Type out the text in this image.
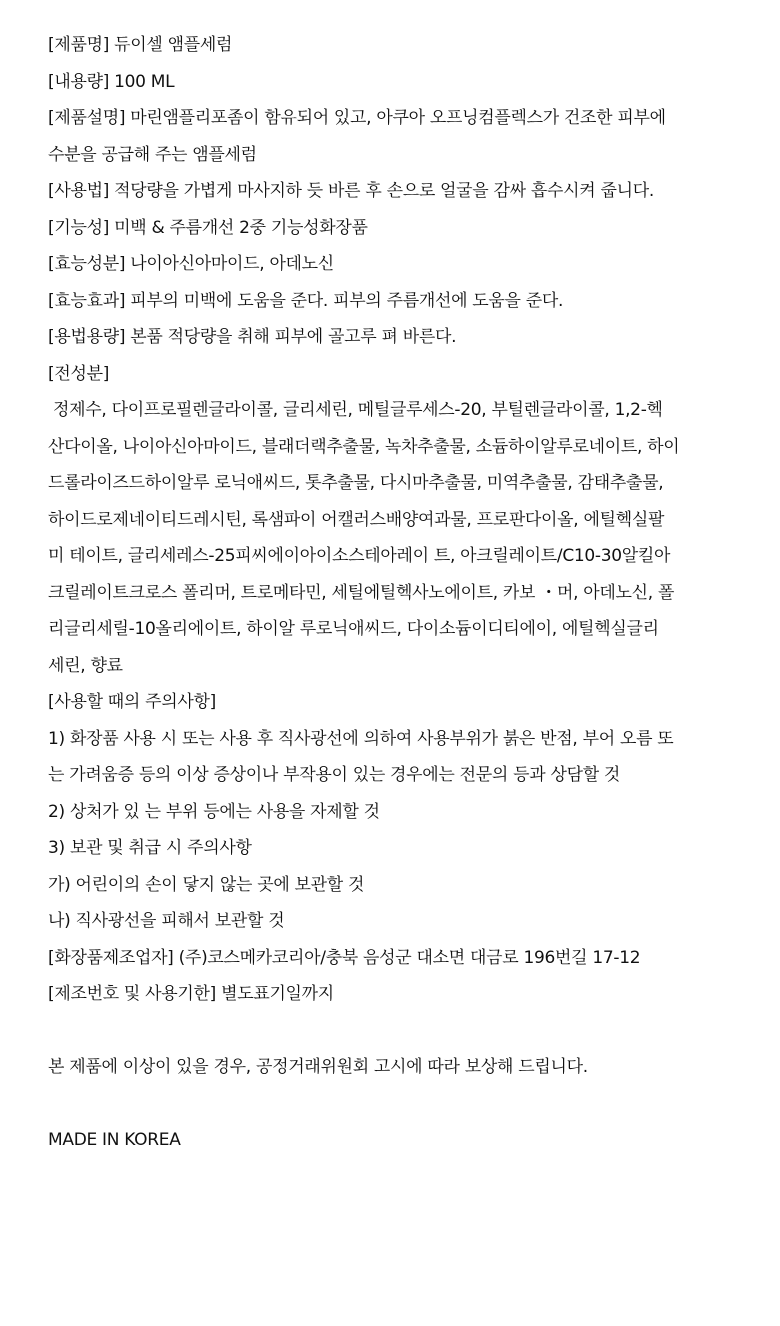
[제품명] 듀이셀 앰플세럼
[내용량] 100 ML
[제품설명] 마린앰플리포좀이 함유되어 있고, 아쿠아 오프닝컴플렉스가 건조한 피부에
수분을 공급해 주는 앰플세럼
[사용법] 적당량을 가볍게 마사지하 듯 바른 후 손으로 얼굴을 감싸 흡수시켜 줍니다.
[기능성] 미백 & 주름개선 2중 기능성화장품
[효능성분] 나이아신아마이드, 아데노신
[효능효과] 피부의 미백에 도움을 준다. 피부의 주름개선에 도움을 준다.
[용법용량] 본품 적당량을 취해 피부에 골고루 펴 바른다.
[전성분]
정제수, 다이프로필렌글라이콜, 글리세린, 메틸글루세스-20, 부틸렌글라이콜, 1,2-헥
산다이올, 나이아신아마이드, 블래더랙추출물, 녹차추출물, 소듐하이알루로네이트, 하이
드롤라이즈드하이알루 로닉애씨드, 톳추출물, 다시마추출물, 미역추출물, 감태추출물,
하이드로제네이티드레시틴, 록샘파이 어캘러스배양여과물, 프로판다이올, 에틸헥실팔
미 테이트, 글리세레스-25피씨에이아이소스테아레이 트, 아크릴레이트/C10-30알킬아
크릴레이트크로스 폴리머, 트로메타민, 세틸에틸헥사노에이트, 카보 ・머, 아데노신, 폴
리글리세릴-10올리에이트, 하이알 루로닉애씨드, 다이소듐이디티에이, 에틸헥실글리
세린, 향료
[사용할 때의 주의사항]
1) 화장품 사용 시 또는 사용 후 직사광선에 의하여 사용부위가 붉은 반점, 부어 오름 또
는 가려움증 등의 이상 증상이나 부작용이 있는 경우에는 전문의 등과 상담할 것
2) 상처가 있 는 부위 등에는 사용을 자제할 것
3) 보관 및 취급 시 주의사항
가) 어린이의 손이 닿지 않는 곳에 보관할 것
나) 직사광선을 피해서 보관할 것
[화장품제조업자] (주)코스메카코리아/충북 음성군 대소면 대금로 196번길 17-12
[제조번호 및 사용기한] 별도표기일까지
본 제품에 이상이 있을 경우, 공정거래위원회 고시에 따라 보상해 드립니다.
MADE IN KOREA
